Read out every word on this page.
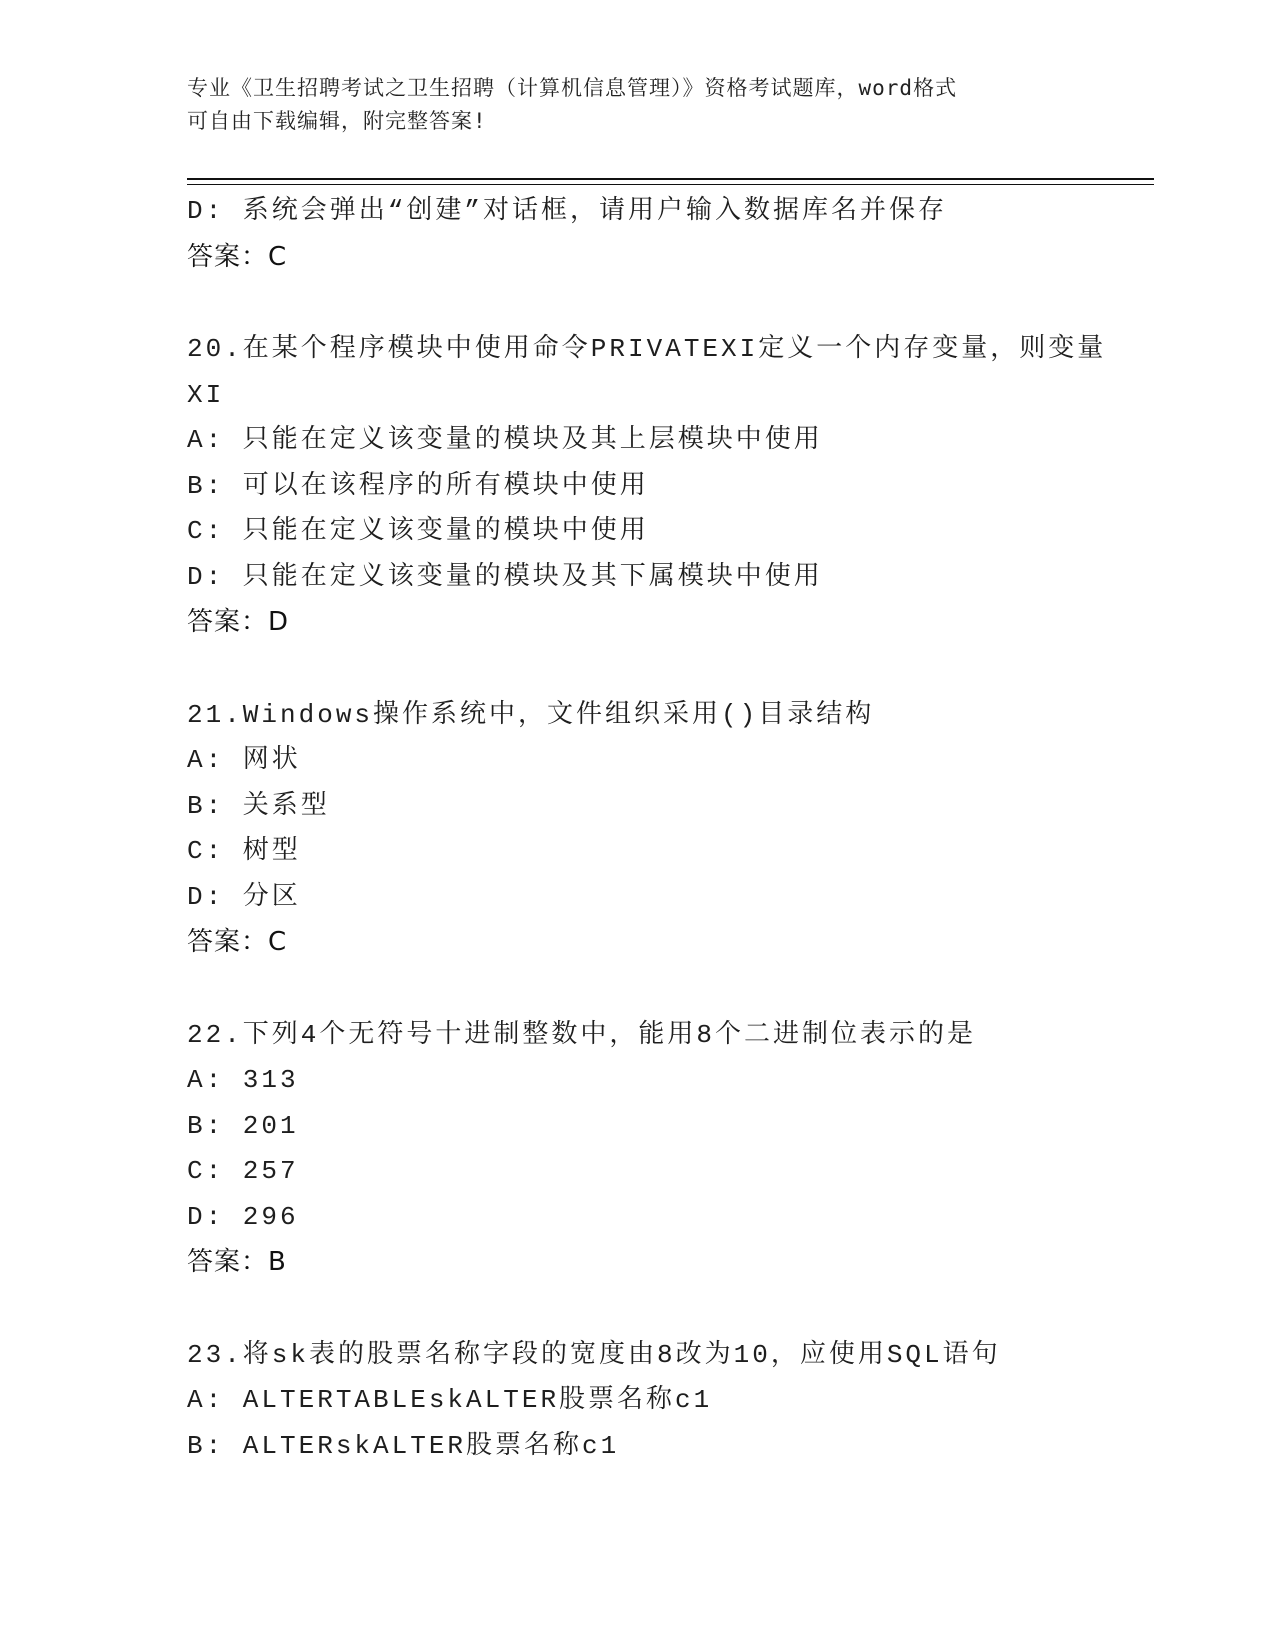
专业《卫生招聘考试之卫生招聘（计算机信息管理）》资格考试题库，word格式
可自由下载编辑，附完整答案!
D: 系统会弹出“创建”对话框，请用户输入数据库名并保存
答案：C
20.在某个程序模块中使用命令PRIVATEXI定义一个内存变量，则变量
XI
A: 只能在定义该变量的模块及其上层模块中使用
B: 可以在该程序的所有模块中使用
C: 只能在定义该变量的模块中使用
D: 只能在定义该变量的模块及其下属模块中使用
答案：D
21.Windows操作系统中，文件组织采用()目录结构
A: 网状
B: 关系型
C: 树型
D: 分区
答案：C
22.下列4个无符号十进制整数中，能用8个二进制位表示的是
A: 313
B: 201
C: 257
D: 296
答案：B
23.将sk表的股票名称字段的宽度由8改为10，应使用SQL语句
A: ALTERTABLEskALTER股票名称c1
B: ALTERskALTER股票名称c1
